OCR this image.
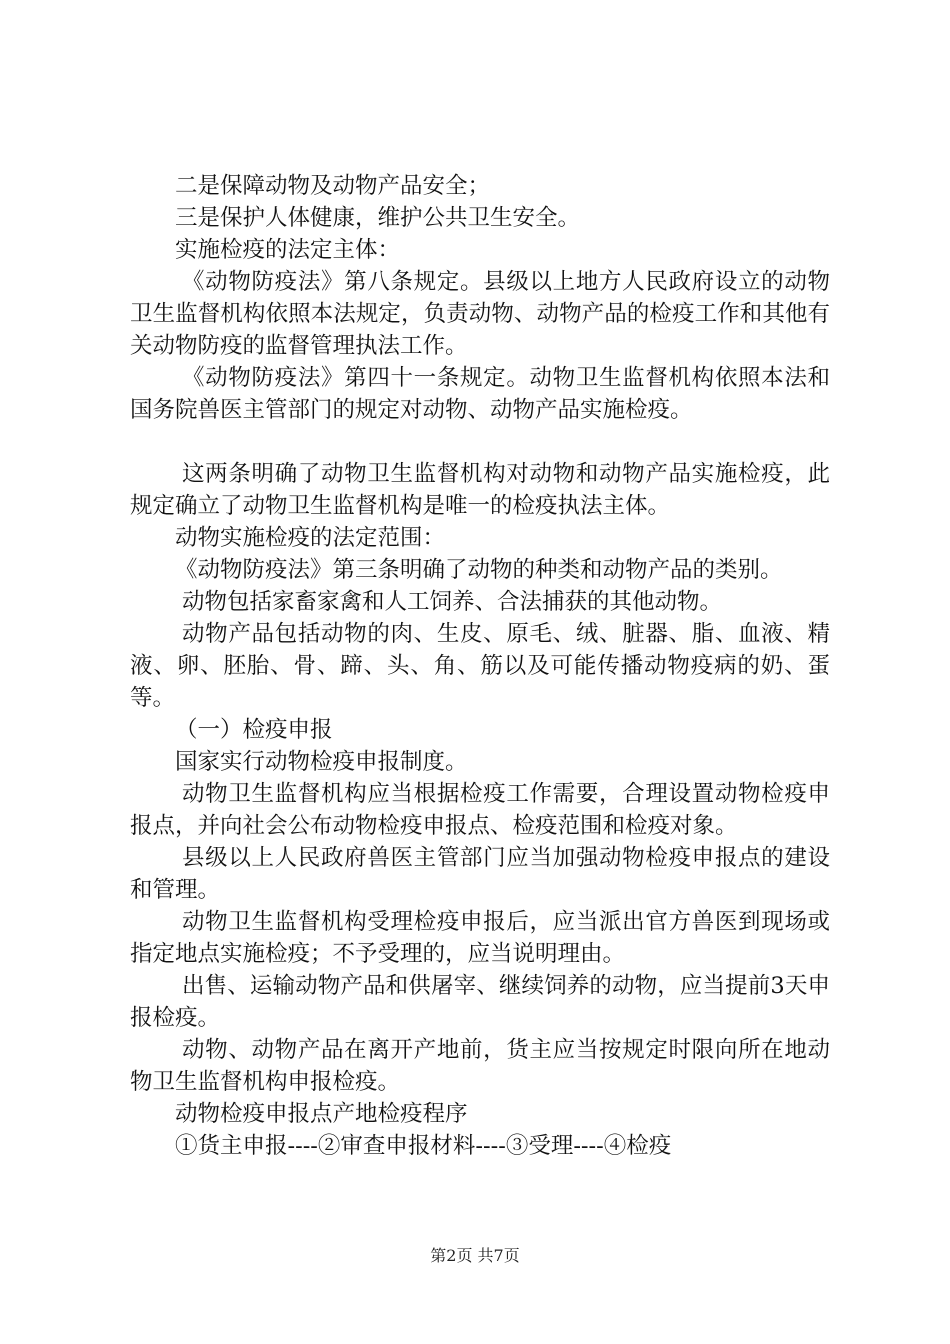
二是保障动物及动物产品安全；

三是保护人体健康，维护公共卫生安全。

实施检疫的法定主体：

《动物防疫法》第八条规定。县级以上地方人民政府设立的动物卫生监督机构依照本法规定，负责动物、动物产品的检疫工作和其他有关动物防疫的监督管理执法工作。

《动物防疫法》第四十一条规定。动物卫生监督机构依照本法和国务院兽医主管部门的规定对动物、动物产品实施检疫。

这两条明确了动物卫生监督机构对动物和动物产品实施检疫，此规定确立了动物卫生监督机构是唯一的检疫执法主体。

动物实施检疫的法定范围：

《动物防疫法》第三条明确了动物的种类和动物产品的类别。

动物包括家畜家禽和人工饲养、合法捕获的其他动物。

动物产品包括动物的肉、生皮、原毛、绒、脏器、脂、血液、精液、卵、胚胎、骨、蹄、头、角、筋以及可能传播动物疫病的奶、蛋等。

（一）检疫申报

国家实行动物检疫申报制度。

动物卫生监督机构应当根据检疫工作需要，合理设置动物检疫申报点，并向社会公布动物检疫申报点、检疫范围和检疫对象。

县级以上人民政府兽医主管部门应当加强动物检疫申报点的建设和管理。

动物卫生监督机构受理检疫申报后，应当派出官方兽医到现场或指定地点实施检疫；不予受理的，应当说明理由。

出售、运输动物产品和供屠宰、继续饲养的动物，应当提前3天申报检疫。

动物、动物产品在离开产地前，货主应当按规定时限向所在地动物卫生监督机构申报检疫。

动物检疫申报点产地检疫程序

①货主申报----②审查申报材料----③受理----④检疫

第2页 共7页
